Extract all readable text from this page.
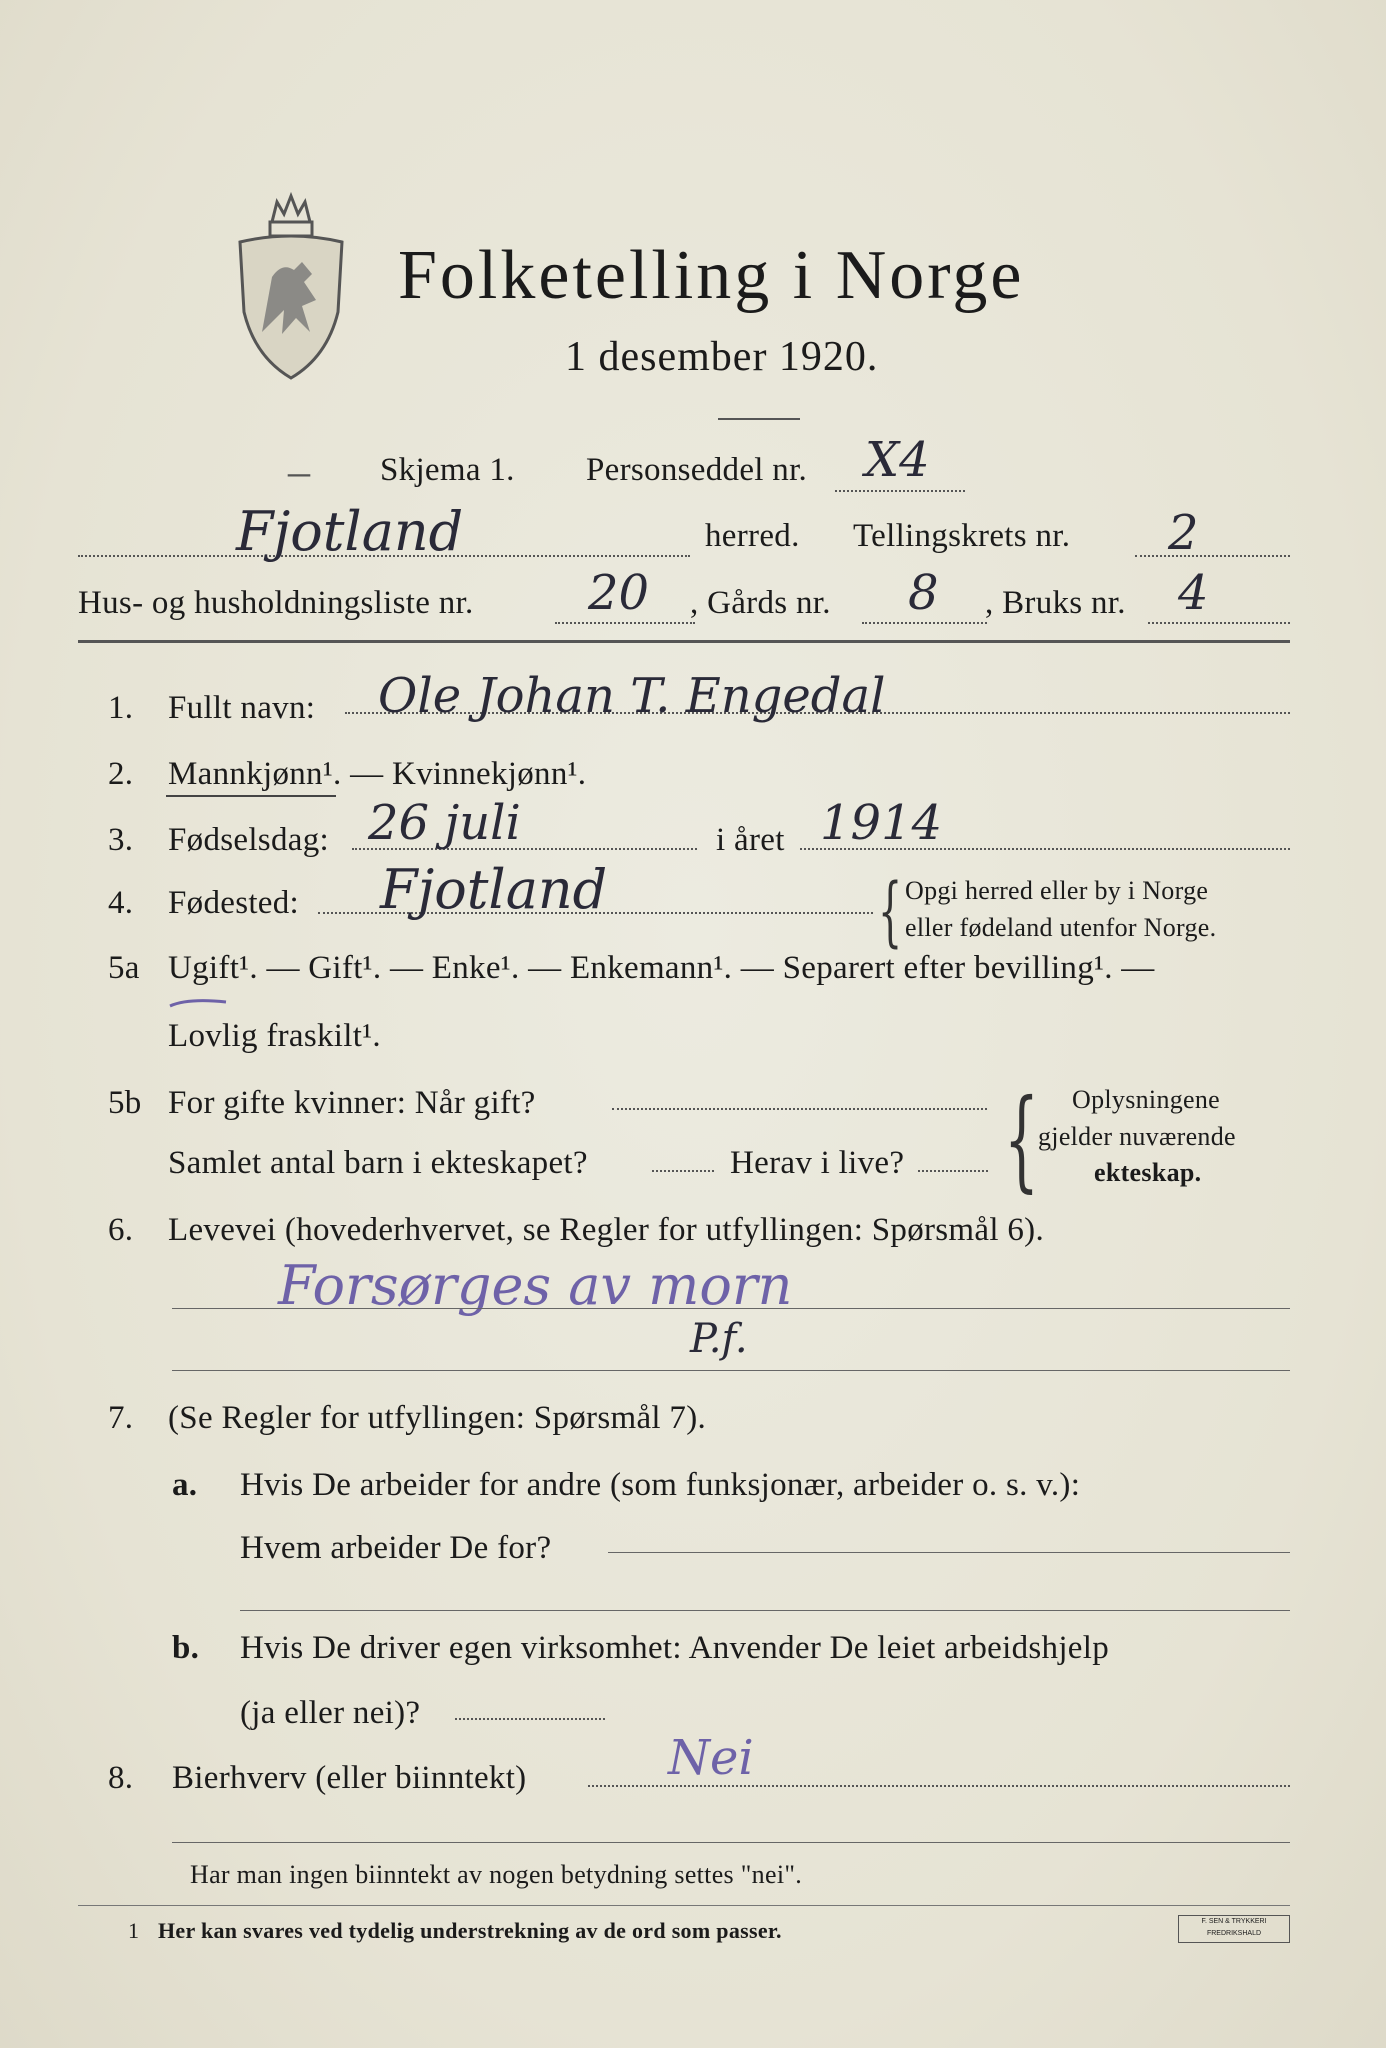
Folketelling i Norge
1 desember 1920.
– Skjema 1. Personseddel nr. X4
Fjotland	herred. Tellingskrets nr. 2
Hus- og husholdningsliste nr. 20 , Gårds nr. 8 , Bruks nr. 4
1. Fullt navn: Ole Johan T. Engedal
2. Mannkjønn¹. — Kvinnekjønn¹.
3. Fødselsdag: 26 juli	i året 1914
4. Fødested: Fjotland	{ Opgi herred eller by i Norge
eller fødeland utenfor Norge.
5a Ugift¹. — Gift¹. — Enke¹. — Enkemann¹. — Separert efter bevilling¹. —
Lovlig fraskilt¹.
5b For gifte kvinner: Når gift?
Samlet antal barn i ekteskapet?	Herav i live? { Oplysningene
gjelder nuværende
ekteskap.
6. Levevei (hovederhvervet, se Regler for utfyllingen: Spørsmål 6).
Forsørges av morn
P.f.
7. (Se Regler for utfyllingen: Spørsmål 7).
a. Hvis De arbeider for andre (som funksjonær, arbeider o. s. v.):
Hvem arbeider De for?
b. Hvis De driver egen virksomhet: Anvender De leiet arbeidshjelp
(ja eller nei)?
8. Bierhverv (eller biinntekt)	Nei
Har man ingen biinntekt av nogen betydning settes "nei".
1 Her kan svares ved tydelig understrekning av de ord som passer.	F. SEN & TRYKKERI FREDRIKSHALD
